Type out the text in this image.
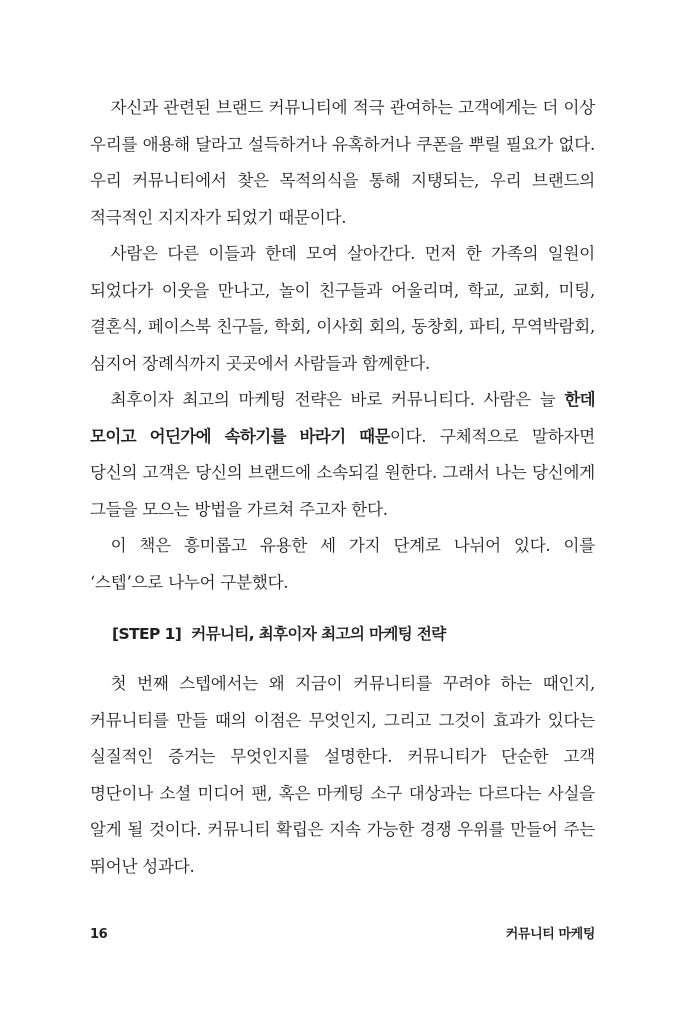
자신과 관련된 브랜드 커뮤니티에 적극 관여하는 고객에게는 더 이상 우리를 애용해 달라고 설득하거나 유혹하거나 쿠폰을 뿌릴 필요가 없다. 우리 커뮤니티에서 찾은 목적의식을 통해 지탱되는, 우리 브랜드의 적극적인 지지자가 되었기 때문이다.

사람은 다른 이들과 한데 모여 살아간다. 먼저 한 가족의 일원이 되었다가 이웃을 만나고, 놀이 친구들과 어울리며, 학교, 교회, 미팅, 결혼식, 페이스북 친구들, 학회, 이사회 회의, 동창회, 파티, 무역박람회, 심지어 장례식까지 곳곳에서 사람들과 함께한다.

최후이자 최고의 마케팅 전략은 바로 커뮤니티다. 사람은 늘 한데 모이고 어딘가에 속하기를 바라기 때문이다. 구체적으로 말하자면 당신의 고객은 당신의 브랜드에 소속되길 원한다. 그래서 나는 당신에게 그들을 모으는 방법을 가르쳐 주고자 한다.

이 책은 흥미롭고 유용한 세 가지 단계로 나뉘어 있다. 이를 ‘스텝’으로 나누어 구분했다.

[STEP 1] 커뮤니티, 최후이자 최고의 마케팅 전략

첫 번째 스텝에서는 왜 지금이 커뮤니티를 꾸려야 하는 때인지, 커뮤니티를 만들 때의 이점은 무엇인지, 그리고 그것이 효과가 있다는 실질적인 증거는 무엇인지를 설명한다. 커뮤니티가 단순한 고객 명단이나 소셜 미디어 팬, 혹은 마케팅 소구 대상과는 다르다는 사실을 알게 될 것이다. 커뮤니티 확립은 지속 가능한 경쟁 우위를 만들어 주는 뛰어난 성과다.

16	커뮤니티 마케팅
